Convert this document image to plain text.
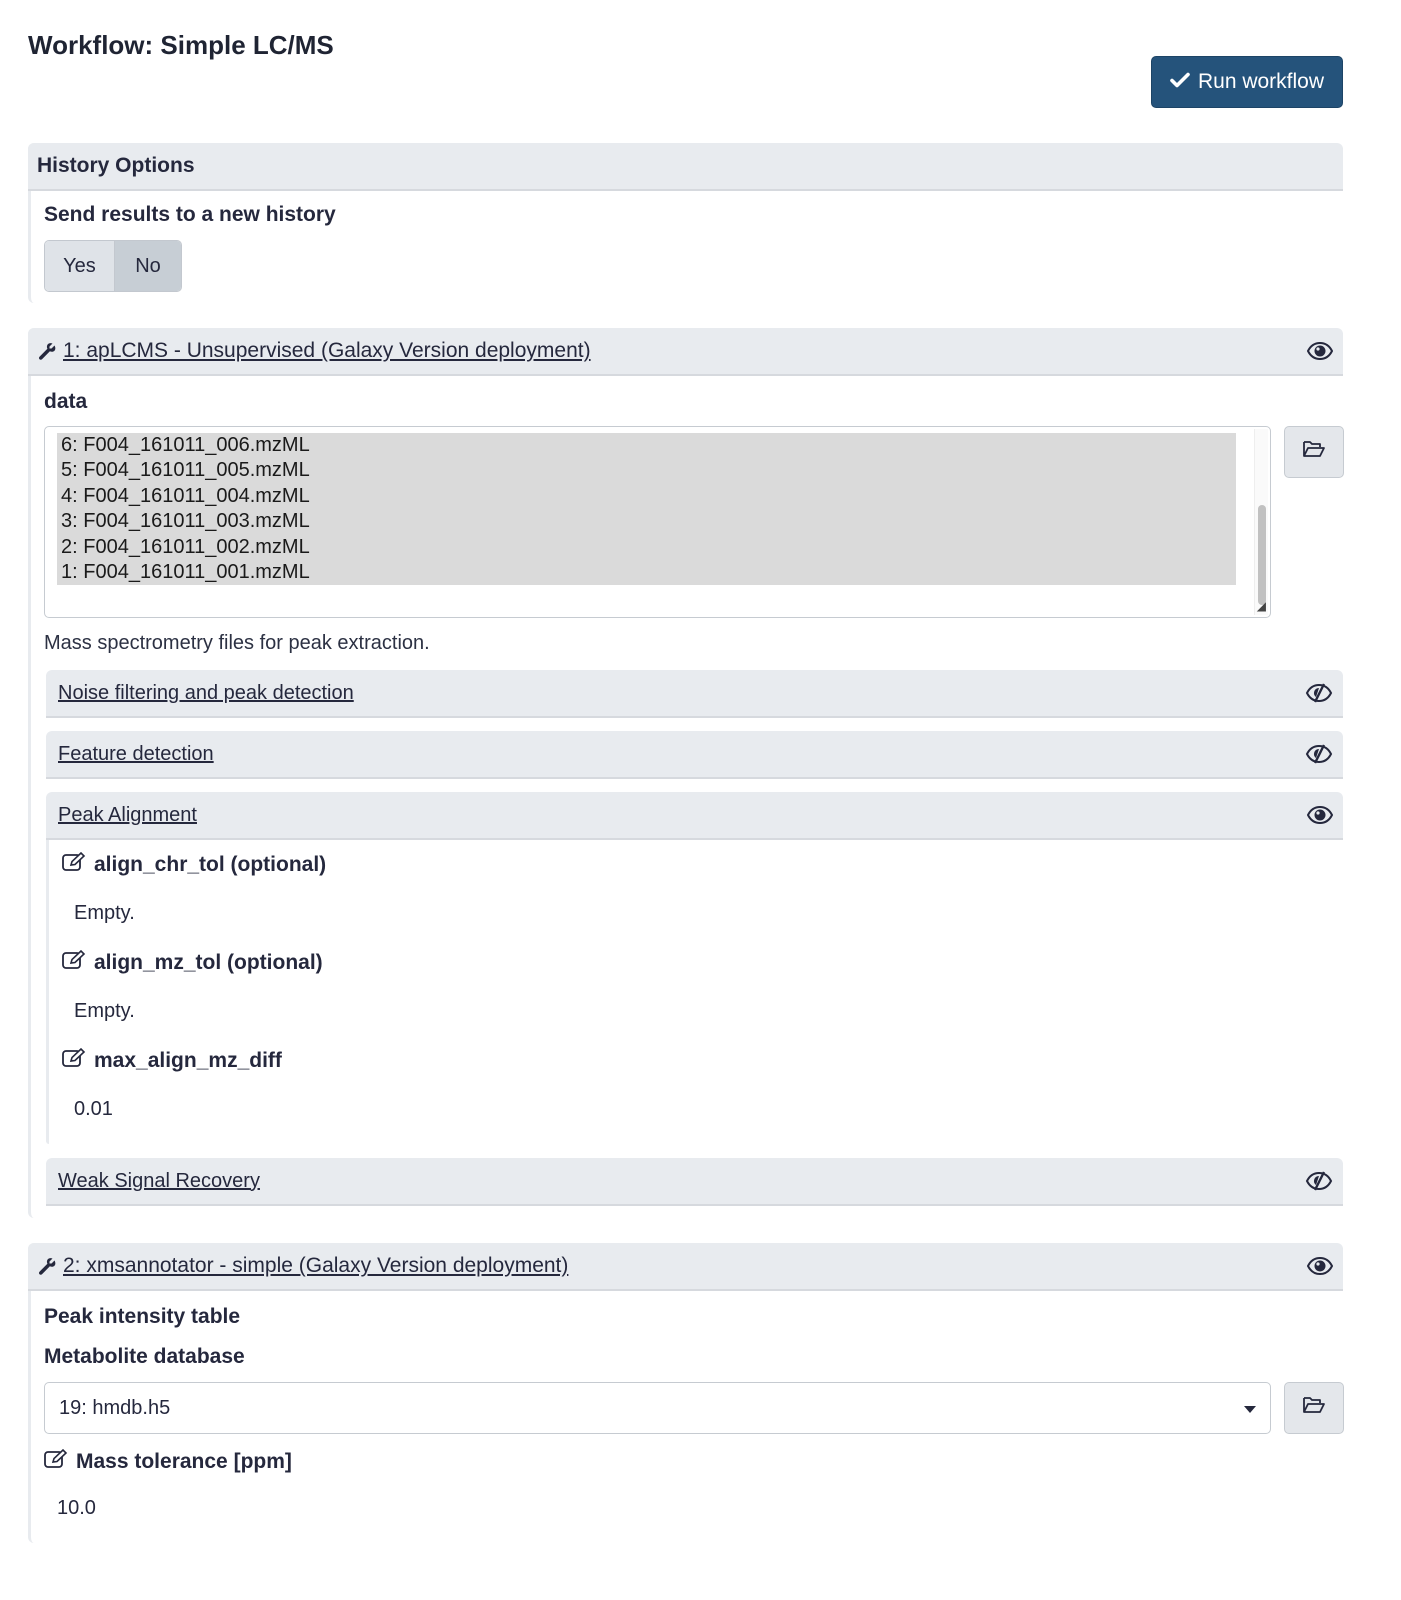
Workflow: Simple LC/MS
Run workflow
History Options
Send results to a new history
Yes	No
1: apLCMS - Unsupervised (Galaxy Version deployment)
data
6: F004_161011_006.mzML
5: F004_161011_005.mzML
4: F004_161011_004.mzML
3: F004_161011_003.mzML
2: F004_161011_002.mzML
1: F004_161011_001.mzML
◢
Mass spectrometry files for peak extraction.
Noise filtering and peak detection
Feature detection
Peak Alignment
align_chr_tol (optional)
Empty.
align_mz_tol (optional)
Empty.
max_align_mz_diff
0.01
Weak Signal Recovery
2: xmsannotator - simple (Galaxy Version deployment)
Peak intensity table
Metabolite database
19: hmdb.h5
Mass tolerance [ppm]
10.0
